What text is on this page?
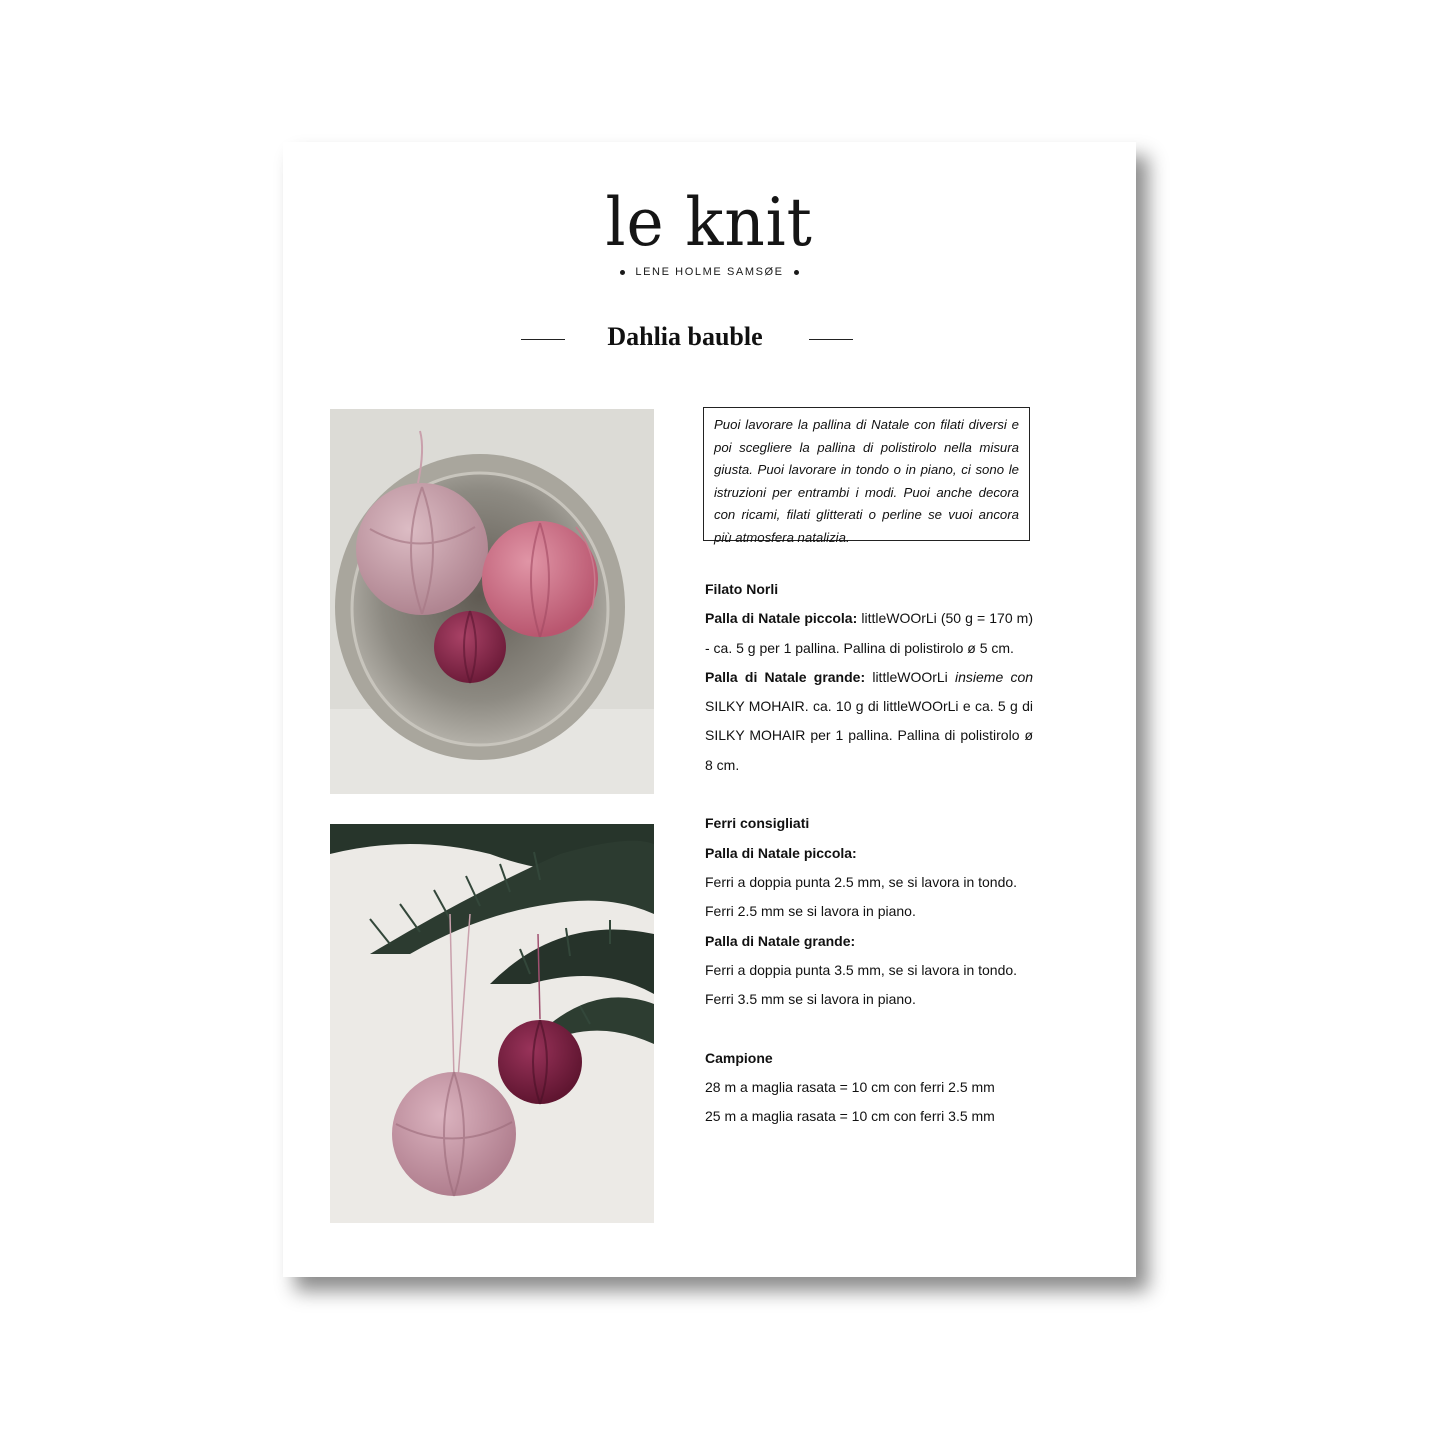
le knit
LENE HOLME SAMSØE
Dahlia bauble
Puoi lavorare la pallina di Natale con filati diversi e poi scegliere la pallina di polistirolo nella misura giusta. Puoi lavorare in tondo o in piano, ci sono le istruzioni per entrambi i modi. Puoi anche decora con ricami, filati glitterati o perline se vuoi ancora più atmosfera natalizia.
Filato Norli
Palla di Natale piccola: littleWOOrLi (50 g = 170 m) - ca. 5 g per 1 pallina. Pallina di polistirolo ø 5 cm.
Palla di Natale grande: littleWOOrLi insieme con SILKY MOHAIR. ca. 10 g di littleWOOrLi e ca. 5 g di SILKY MOHAIR per 1 pallina. Pallina di polistirolo ø 8 cm.
Ferri consigliati
Palla di Natale piccola:
Ferri a doppia punta 2.5 mm, se si lavora in tondo.
Ferri 2.5 mm se si lavora in piano.
Palla di Natale grande:
Ferri a doppia punta 3.5 mm, se si lavora in tondo.
Ferri 3.5 mm se si lavora in piano.
Campione
28 m a maglia rasata = 10 cm con ferri 2.5 mm
25 m a maglia rasata = 10 cm con ferri 3.5 mm
